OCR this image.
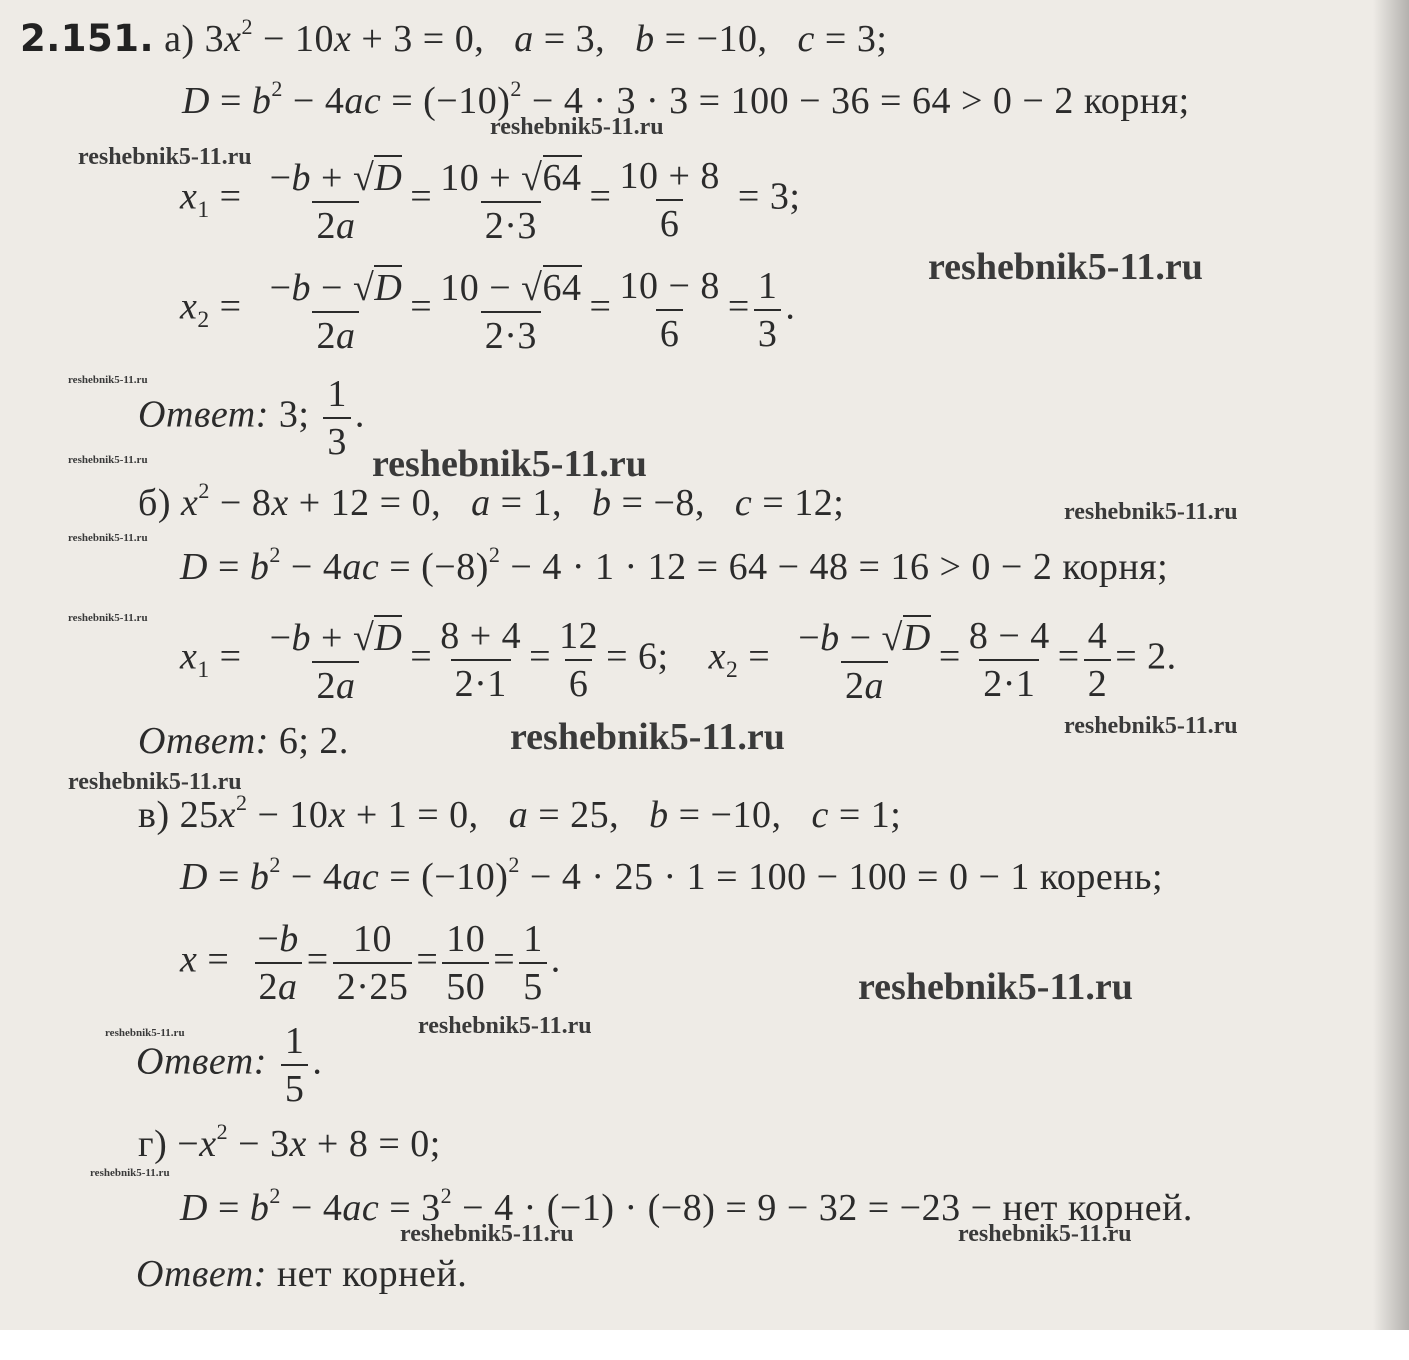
2.151. а) $3x^2 - 10x + 3 = 0$,   a = 3,   b = −10,   c = 3;
$D = b^2 - 4ac = (-10)^2 - 4 \cdot 3 \cdot 3 = 100 - 36 = 64 > 0 - 2$ корня;
$x_1 = \frac{-b + √D}{2a} = \frac{10 + √64}{2\cdot 3} = \frac{10 + 8}{6} = 3$;
$x_2 = \frac{-b - √D}{2a} = \frac{10 - √64}{2\cdot 3} = \frac{10 - 8}{6} = \frac{1}{3}$ .
Ответ: 3; $\frac{1}{3}$ .
б) $x^2 - 8x + 12 = 0$,   a = 1,   b = −8,   c = 12;
$D = b^2 - 4ac = (-8)^2 - 4 \cdot 1 \cdot 12 = 64 - 48 = 16 > 0 - 2$ корня;
$x_1 = \frac{-b + √D}{2a} = \frac{8 + 4}{2\cdot 1} = \frac{12}{6} = 6$;    $x_2 = \frac{-b - √D}{2a} = \frac{8 - 4}{2\cdot 1} = \frac{4}{2} = 2$.
Ответ: 6; 2.
в) $25x^2 - 10x + 1 = 0$,   a = 25,   b = −10,   c = 1;
$D = b^2 - 4ac = (-10)^2 - 4 \cdot 25 \cdot 1 = 100 - 100 = 0 - 1$ корень;
$x = \frac{-b}{2a} = \frac{10}{2\cdot 25} = \frac{10}{50} = \frac{1}{5}$ .
Ответ: $\frac{1}{5}$ .
$г) -x^2 - 3x + 8 = 0$;
$D = b^2 - 4ac = 3^2 - 4 \cdot (-1) \cdot (-8) = 9 - 32 = -23$ − нет корней.
Ответ: нет корней.
reshebnik5-11.ru
reshebnik5-11.ru
reshebnik5-11.ru
reshebnik5-11.ru
reshebnik5-11.ru
reshebnik5-11.ru
reshebnik5-11.ru
reshebnik5-11.ru
reshebnik5-11.ru
reshebnik5-11.ru	reshebnik5-11.ru
reshebnik5-11.ru
reshebnik5-11.ru
reshebnik5-11.ru
reshebnik5-11.ru
reshebnik5-11.ru
reshebnik5-11.ru	reshebnik5-11.ru
